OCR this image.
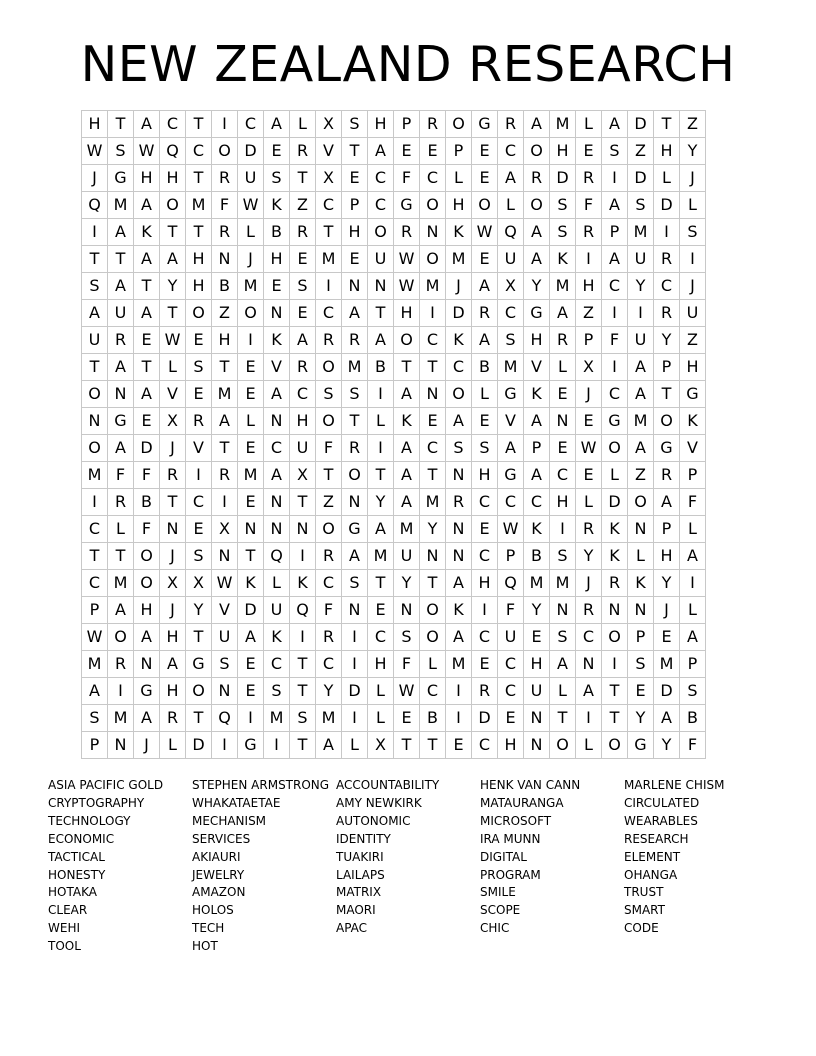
NEW ZEALAND RESEARCH
H	T	A	C	T	I	C	A	L	X	S	H	P	R	O	G	R	A	M	L	A	D	T	Z
W	S	W	Q	C	O	D	E	R	V	T	A	E	E	P	E	C	O	H	E	S	Z	H	Y
J	G	H	H	T	R	U	S	T	X	E	C	F	C	L	E	A	R	D	R	I	D	L	J
Q	M	A	O	M	F	W	K	Z	C	P	C	G	O	H	O	L	O	S	F	A	S	D	L
I	A	K	T	T	R	L	B	R	T	H	O	R	N	K	W	Q	A	S	R	P	M	I	S
T	T	A	A	H	N	J	H	E	M	E	U	W	O	M	E	U	A	K	I	A	U	R	I
S	A	T	Y	H	B	M	E	S	I	N	N	W	M	J	A	X	Y	M	H	C	Y	C	J
A	U	A	T	O	Z	O	N	E	C	A	T	H	I	D	R	C	G	A	Z	I	I	R	U
U	R	E	W	E	H	I	K	A	R	R	A	O	C	K	A	S	H	R	P	F	U	Y	Z
T	A	T	L	S	T	E	V	R	O	M	B	T	T	C	B	M	V	L	X	I	A	P	H
O	N	A	V	E	M	E	A	C	S	S	I	A	N	O	L	G	K	E	J	C	A	T	G
N	G	E	X	R	A	L	N	H	O	T	L	K	E	A	E	V	A	N	E	G	M	O	K
O	A	D	J	V	T	E	C	U	F	R	I	A	C	S	S	A	P	E	W	O	A	G	V
M	F	F	R	I	R	M	A	X	T	O	T	A	T	N	H	G	A	C	E	L	Z	R	P
I	R	B	T	C	I	E	N	T	Z	N	Y	A	M	R	C	C	C	H	L	D	O	A	F
C	L	F	N	E	X	N	N	N	O	G	A	M	Y	N	E	W	K	I	R	K	N	P	L
T	T	O	J	S	N	T	Q	I	R	A	M	U	N	N	C	P	B	S	Y	K	L	H	A
C	M	O	X	X	W	K	L	K	C	S	T	Y	T	A	H	Q	M	M	J	R	K	Y	I
P	A	H	J	Y	V	D	U	Q	F	N	E	N	O	K	I	F	Y	N	R	N	N	J	L
W	O	A	H	T	U	A	K	I	R	I	C	S	O	A	C	U	E	S	C	O	P	E	A
M	R	N	A	G	S	E	C	T	C	I	H	F	L	M	E	C	H	A	N	I	S	M	P
A	I	G	H	O	N	E	S	T	Y	D	L	W	C	I	R	C	U	L	A	T	E	D	S
S	M	A	R	T	Q	I	M	S	M	I	L	E	B	I	D	E	N	T	I	T	Y	A	B
P	N	J	L	D	I	G	I	T	A	L	X	T	T	E	C	H	N	O	L	O	G	Y	F
ASIA PACIFIC GOLD
CRYPTOGRAPHY
TECHNOLOGY
ECONOMIC
TACTICAL
HONESTY
HOTAKA
CLEAR
WEHI
TOOL
STEPHEN ARMSTRONG
WHAKATAETAE
MECHANISM
SERVICES
AKIAURI
JEWELRY
AMAZON
HOLOS
TECH
HOT
ACCOUNTABILITY
AMY NEWKIRK
AUTONOMIC
IDENTITY
TUAKIRI
LAILAPS
MATRIX
MAORI
APAC
HENK VAN CANN
MATAURANGA
MICROSOFT
IRA MUNN
DIGITAL
PROGRAM
SMILE
SCOPE
CHIC
MARLENE CHISM
CIRCULATED
WEARABLES
RESEARCH
ELEMENT
OHANGA
TRUST
SMART
CODE
